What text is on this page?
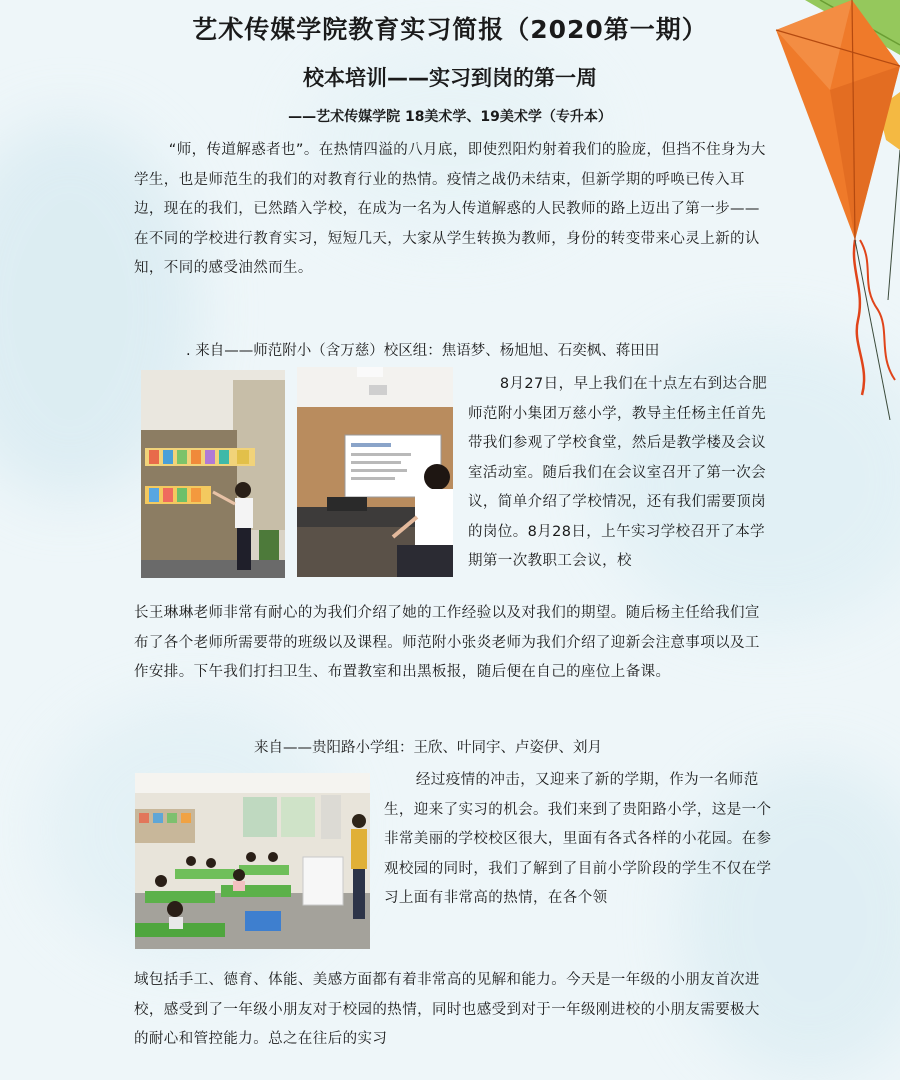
艺术传媒学院教育实习简报（2020第一期）
校本培训——实习到岗的第一周
——艺术传媒学院 18美术学、19美术学（专升本）
“师，传道解惑者也”。在热情四溢的八月底，即使烈阳灼射着我们的脸庞，但挡不住身为大学生，也是师范生的我们的对教育行业的热情。疫情之战仍未结束，但新学期的呼唤已传入耳边，现在的我们，已然踏入学校，在成为一名为人传道解惑的人民教师的路上迈出了第一步——在不同的学校进行教育实习，短短几天，大家从学生转换为教师，身份的转变带来心灵上新的认知，不同的感受油然而生。
. 来自——师范附小（含万慈）校区组：焦语梦、杨旭旭、石奕枫、蒋田田
8月27日，早上我们在十点左右到达合肥师范附小集团万慈小学，教导主任杨主任首先带我们参观了学校食堂，然后是教学楼及会议室活动室。随后我们在会议室召开了第一次会议，简单介绍了学校情况，还有我们需要顶岗的岗位。8月28日，上午实习学校召开了本学期第一次教职工会议，校
长王琳琳老师非常有耐心的为我们介绍了她的工作经验以及对我们的期望。随后杨主任给我们宣布了各个老师所需要带的班级以及课程。师范附小张炎老师为我们介绍了迎新会注意事项以及工作安排。下午我们打扫卫生、布置教室和出黑板报，随后便在自己的座位上备课。
来自——贵阳路小学组：王欣、叶同宇、卢姿伊、刘月
经过疫情的冲击，又迎来了新的学期，作为一名师范生，迎来了实习的机会。我们来到了贵阳路小学，这是一个非常美丽的学校校区很大，里面有各式各样的小花园。在参观校园的同时，我们了解到了目前小学阶段的学生不仅在学习上面有非常高的热情，在各个领
域包括手工、德育、体能、美感方面都有着非常高的见解和能力。今天是一年级的小朋友首次进校，感受到了一年级小朋友对于校园的热情，同时也感受到对于一年级刚进校的小朋友需要极大的耐心和管控能力。总之在往后的实习
